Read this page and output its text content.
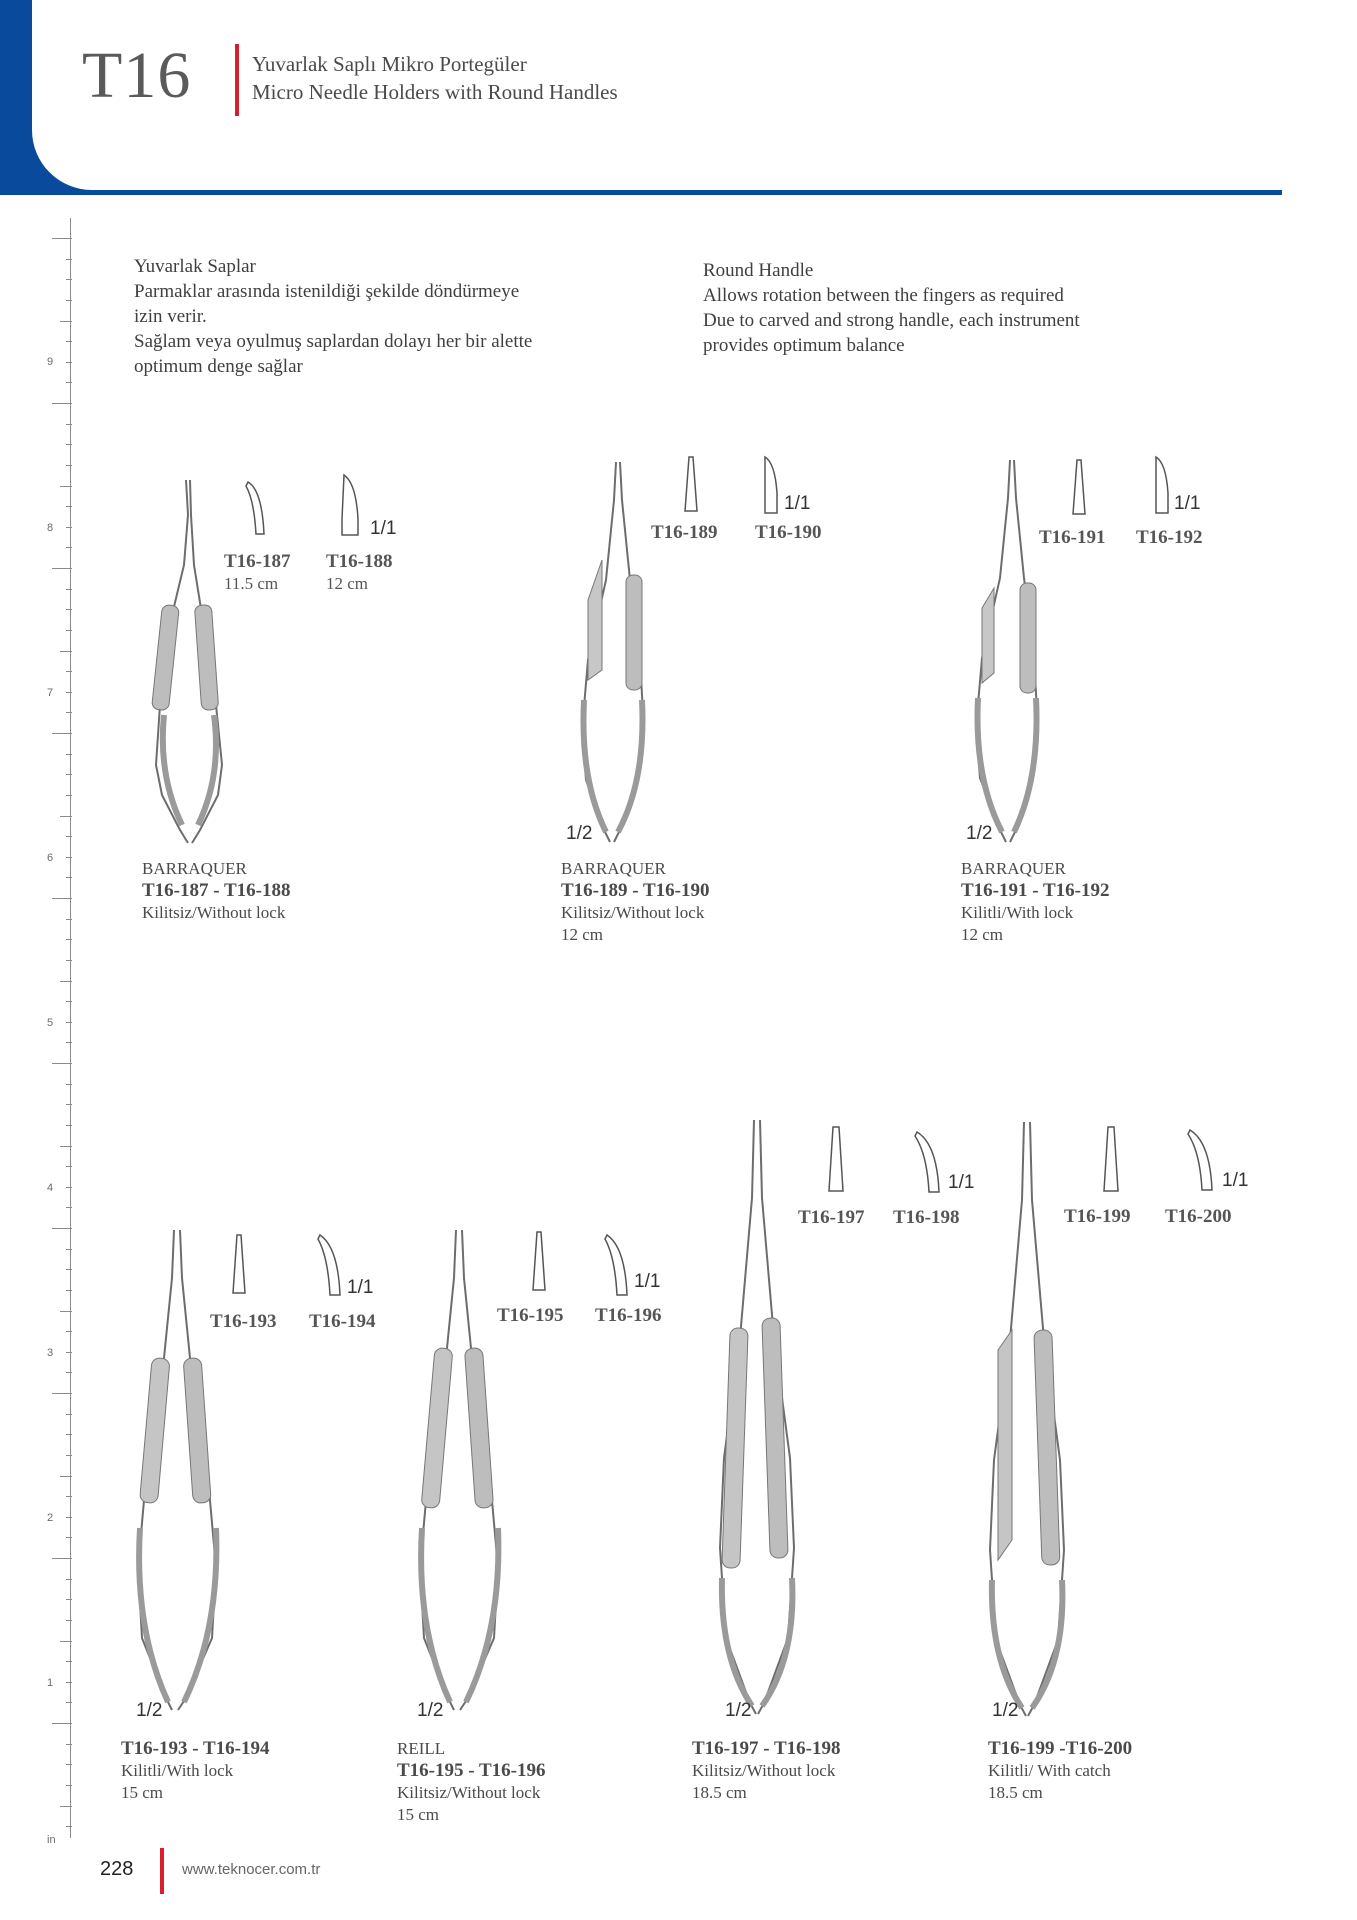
T16	Yuvarlak Saplı Mikro Portegüler
Micro Needle Holders with Round Handles
9
8
7
6
5
4
3
2
1
in
Yuvarlak Saplar
Parmaklar arasında istenildiği şekilde döndürmeye
izin verir.
Sağlam veya oyulmuş saplardan dolayı her bir alette
optimum denge sağlar
Round Handle
Allows rotation between the fingers as required
Due to carved and strong handle, each instrument
provides optimum balance
1/1
T16-187
11.5 cm
T16-188
12 cm
BARRAQUER
T16-187 - T16-188
Kilitsiz/Without lock
1/1
T16-189 T16-190
1/2
BARRAQUER
T16-189 - T16-190
Kilitsiz/Without lock
12 cm
1/1
T16-191 T16-192
1/2
BARRAQUER
T16-191 - T16-192
Kilitli/With lock
12 cm
1/1
T16-193 T16-194
1/2
T16-193 - T16-194
Kilitli/With lock
15 cm
1/1
T16-195 T16-196
1/2
REILL
T16-195 - T16-196
Kilitsiz/Without lock
15 cm
1/1
T16-197 T16-198
1/2
T16-197 - T16-198
Kilitsiz/Without lock
18.5 cm
1/1
T16-199 T16-200
1/2
T16-199 -T16-200
Kilitli/ With catch
18.5 cm
228	www.teknocer.com.tr
